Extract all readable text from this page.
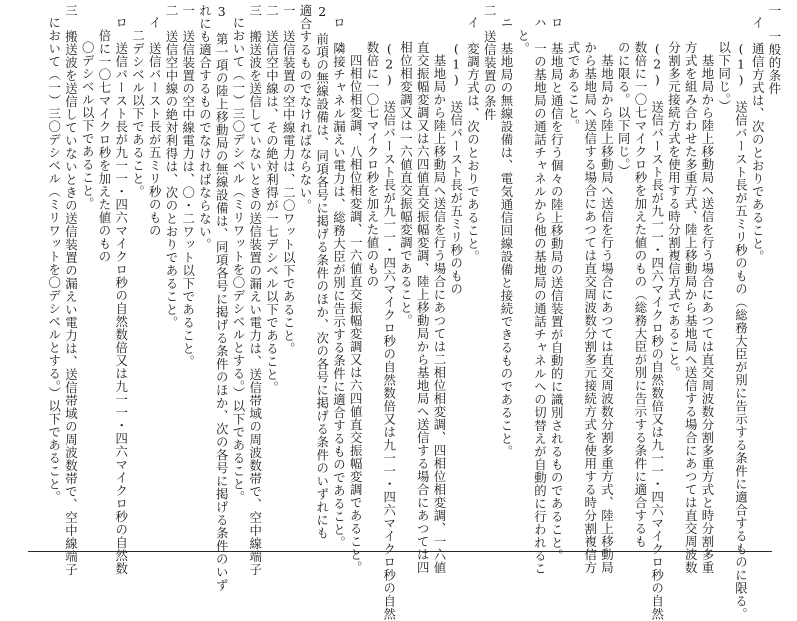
一　一般的条件
イ　通信方式は、次のとおりであること。
(1)　送信バースト長が五ミリ秒のもの（総務大臣が別に告示する条件に適合するものに限る。
以下同じ。）
基地局から陸上移動局へ送信を行う場合にあつては直交周波数分割多重方式と時分割多重
方式を組み合わせた多重方式、陸上移動局から基地局へ送信する場合にあつては直交周波数
分割多元接続方式を使用する時分割複信方式であること。
(2)　送信バースト長が九一一・四六マイクロ秒の自然数倍又は九一一・四六マイクロ秒の自然
数倍に一〇七マイクロ秒を加えた値のもの（総務大臣が別に告示する条件に適合するも
のに限る。以下同じ。）
基地局から陸上移動局へ送信を行う場合にあつては直交周波数分割多重方式、陸上移動局
から基地局へ送信する場合にあつては直交周波数分割多元接続方式を使用する時分割複信方
式であること。
ロ　基地局と通信を行う個々の陸上移動局の送信装置が自動的に識別されるものであること。
ハ　一の基地局の通話チャネルから他の基地局の通話チャネルへの切替えが自動的に行われるこ
と。
ニ　基地局の無線設備は、電気通信回線設備と接続できるものであること。
二　送信装置の条件
イ　変調方式は、次のとおりであること。
(1)　送信バースト長が五ミリ秒のもの
基地局から陸上移動局へ送信を行う場合にあつては二相位相変調、四相位相変調、一六値
直交振幅変調又は六四値直交振幅変調、陸上移動局から基地局へ送信する場合にあつては四
相位相変調又は一六値直交振幅変調であること。
(2)　送信バースト長が九一一・四六マイクロ秒の自然数倍又は九一一・四六マイクロ秒の自然
数倍に一〇七マイクロ秒を加えた値のもの
四相位相変調、八相位相変調、一六値直交振幅変調又は六四値直交振幅変調であること。
ロ　隣接チャネル漏えい電力は、総務大臣が別に告示する条件に適合するものであること。
2　前項の無線設備は、同項各号に掲げる条件のほか、次の各号に掲げる条件のいずれにも
適合するものでなければならない。
一　送信装置の空中線電力は、二〇ワット以下であること。
二　送信空中線は、その絶対利得が一七デシベル以下であること。
三　搬送波を送信していないときの送信装置の漏えい電力は、送信帯域の周波数帯で、空中線端子
において（一）三〇デシベル（ミリワットを〇デシベルとする。）以下であること。
3　第一項の陸上移動局の無線設備は、同項各号に掲げる条件のほか、次の各号に掲げる条件のいず
れにも適合するものでなければならない。
一　送信装置の空中線電力は、〇・二ワット以下であること。
二　送信空中線の絶対利得は、次のとおりであること。
イ　送信バースト長が五ミリ秒のもの
二デシベル以下であること。
ロ　送信バースト長が九一一・四六マイクロ秒の自然数倍又は九一一・四六マイクロ秒の自然数
倍に一〇七マイクロ秒を加えた値のもの
〇デシベル以下であること。
三　搬送波を送信していないときの送信装置の漏えい電力は、送信帯域の周波数帯で、空中線端子
において（一）三〇デシベル（ミリワットを〇デシベルとする。）以下であること。
